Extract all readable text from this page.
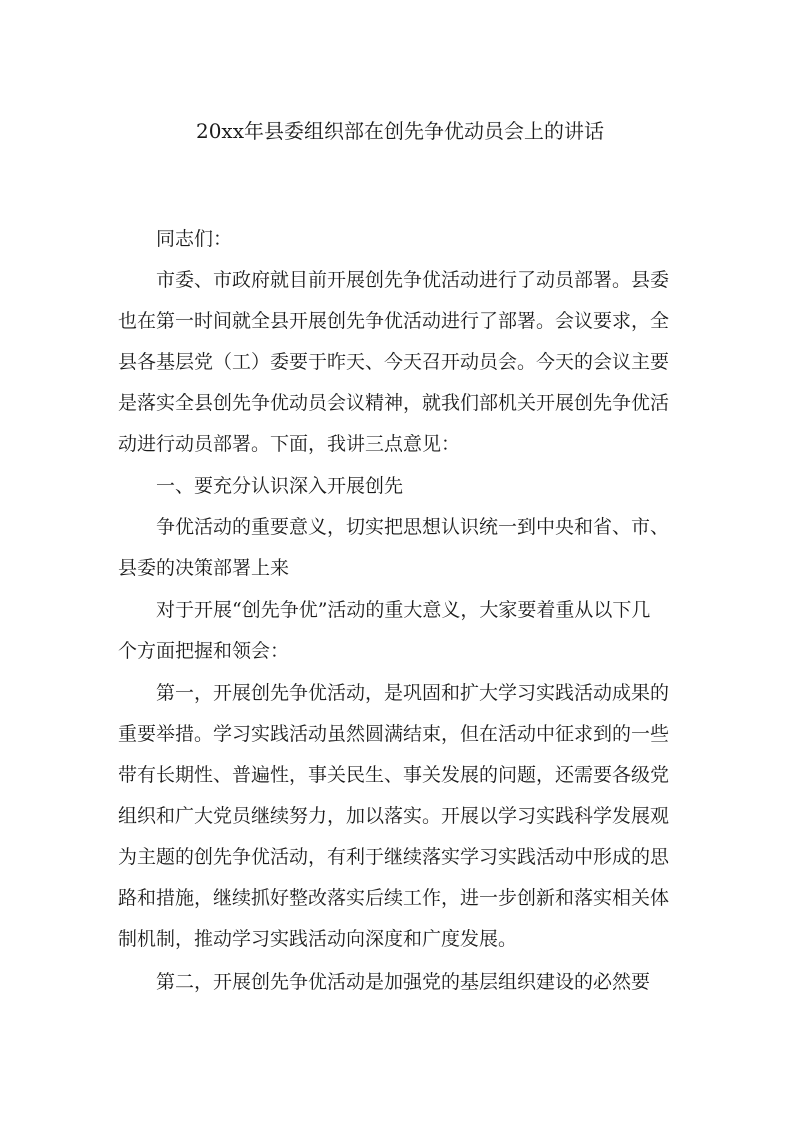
20xx年县委组织部在创先争优动员会上的讲话

同志们：

市委、市政府就目前开展创先争优活动进行了动员部署。县委

也在第一时间就全县开展创先争优活动进行了部署。会议要求，全

县各基层党（工）委要于昨天、今天召开动员会。今天的会议主要

是落实全县创先争优动员会议精神，就我们部机关开展创先争优活

动进行动员部署。下面，我讲三点意见：

一、要充分认识深入开展创先

争优活动的重要意义，切实把思想认识统一到中央和省、市、

县委的决策部署上来

对于开展“创先争优”活动的重大意义，大家要着重从以下几

个方面把握和领会：

第一，开展创先争优活动，是巩固和扩大学习实践活动成果的

重要举措。学习实践活动虽然圆满结束，但在活动中征求到的一些

带有长期性、普遍性，事关民生、事关发展的问题，还需要各级党

组织和广大党员继续努力，加以落实。开展以学习实践科学发展观

为主题的创先争优活动，有利于继续落实学习实践活动中形成的思

路和措施，继续抓好整改落实后续工作，进一步创新和落实相关体

制机制，推动学习实践活动向深度和广度发展。

第二，开展创先争优活动是加强党的基层组织建设的必然要
